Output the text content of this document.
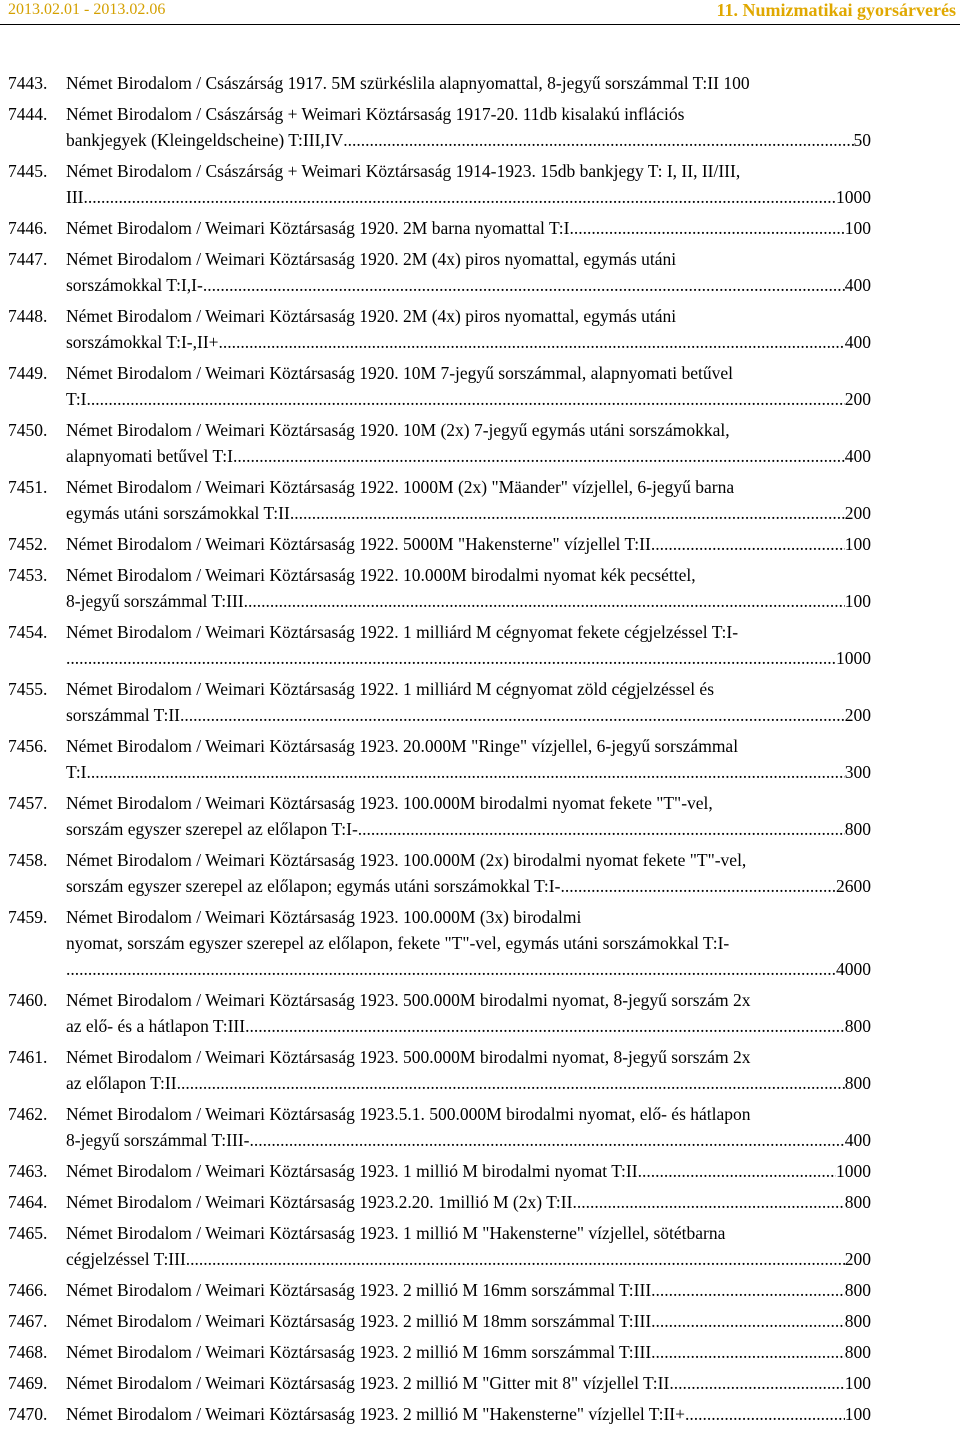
2013.02.01 - 2013.02.06	11. Numizmatikai gyorsárverés
7443. Német Birodalom / Császárság 1917. 5M szürkéslila alapnyomattal, 8-jegyű sorszámmal T:II 100
7444. Német Birodalom / Császárság + Weimari Köztársaság 1917-20. 11db kisalakú inflációs
bankjegyek (Kleingeldscheine) T:III,IV .....	50
7445. Német Birodalom / Császárság + Weimari Köztársaság 1914-1923. 15db bankjegy T: I, II, II/III,
III .....	1000
7446. Német Birodalom / Weimari Köztársaság 1920. 2M barna nyomattal T:I .....	100
7447. Német Birodalom / Weimari Köztársaság 1920. 2M (4x) piros nyomattal, egymás utáni
sorszámokkal T:I,I- .....	400
7448. Német Birodalom / Weimari Köztársaság 1920. 2M (4x) piros nyomattal, egymás utáni
sorszámokkal T:I-,II+ .....	400
7449. Német Birodalom / Weimari Köztársaság 1920. 10M 7-jegyű sorszámmal, alapnyomati betűvel
T:I .....	200
7450. Német Birodalom / Weimari Köztársaság 1920. 10M (2x) 7-jegyű egymás utáni sorszámokkal,
alapnyomati betűvel T:I .....	400
7451. Német Birodalom / Weimari Köztársaság 1922. 1000M (2x) "Mäander" vízjellel, 6-jegyű barna
egymás utáni sorszámokkal T:II .....	200
7452. Német Birodalom / Weimari Köztársaság 1922. 5000M "Hakensterne" vízjellel T:II .....	100
7453. Német Birodalom / Weimari Köztársaság 1922. 10.000M birodalmi nyomat kék pecséttel,
8-jegyű sorszámmal T:III .....	100
7454. Német Birodalom / Weimari Köztársaság 1922. 1 milliárd M cégnyomat fekete cégjelzéssel T:I-
.....
1000
7455. Német Birodalom / Weimari Köztársaság 1922. 1 milliárd M cégnyomat zöld cégjelzéssel és
sorszámmal T:II .....	200
7456. Német Birodalom / Weimari Köztársaság 1923. 20.000M "Ringe" vízjellel, 6-jegyű sorszámmal
T:I .....	300
7457. Német Birodalom / Weimari Köztársaság 1923. 100.000M birodalmi nyomat fekete "T"-vel,
sorszám egyszer szerepel az előlapon T:I- .....	800
7458. Német Birodalom / Weimari Köztársaság 1923. 100.000M (2x) birodalmi nyomat fekete "T"-vel,
sorszám egyszer szerepel az előlapon; egymás utáni sorszámokkal T:I- .....	2600
7459. Német Birodalom / Weimari Köztársaság 1923. 100.000M (3x) birodalmi
nyomat, sorszám egyszer szerepel az előlapon, fekete "T"-vel, egymás utáni sorszámokkal T:I-
.....
4000
7460. Német Birodalom / Weimari Köztársaság 1923. 500.000M birodalmi nyomat, 8-jegyű sorszám 2x
az elő- és a hátlapon T:III .....	800
7461. Német Birodalom / Weimari Köztársaság 1923. 500.000M birodalmi nyomat, 8-jegyű sorszám 2x
az előlapon T:II .....	800
7462. Német Birodalom / Weimari Köztársaság 1923.5.1. 500.000M birodalmi nyomat, elő- és hátlapon
8-jegyű sorszámmal T:III- .....	400
7463. Német Birodalom / Weimari Köztársaság 1923. 1 millió M birodalmi nyomat T:II .....	1000
7464. Német Birodalom / Weimari Köztársaság 1923.2.20. 1millió M (2x) T:II .....	800
7465. Német Birodalom / Weimari Köztársaság 1923. 1 millió M "Hakensterne" vízjellel, sötétbarna
cégjelzéssel T:III .....	200
7466. Német Birodalom / Weimari Köztársaság 1923. 2 millió M 16mm sorszámmal T:III .....	800
7467. Német Birodalom / Weimari Köztársaság 1923. 2 millió M 18mm sorszámmal T:III .....	800
7468. Német Birodalom / Weimari Köztársaság 1923. 2 millió M 16mm sorszámmal T:III .....	800
7469. Német Birodalom / Weimari Köztársaság 1923. 2 millió M "Gitter mit 8" vízjellel T:II .....	100
7470. Német Birodalom / Weimari Köztársaság 1923. 2 millió M "Hakensterne" vízjellel T:II+ .....	100
